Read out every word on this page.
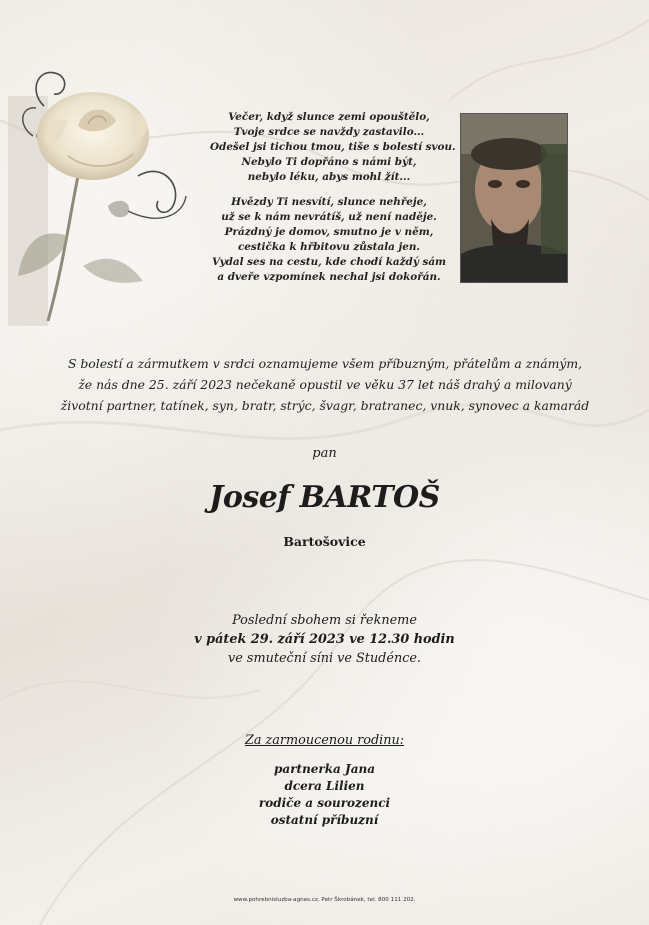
Večer, když slunce zemi opouštělo,
Tvoje srdce se navždy zastavilo...
Odešel jsi tichou tmou, tiše s bolestí svou.
Nebylo Ti dopřáno s námi být,
nebylo léku, abys mohl žít...
Hvězdy Ti nesvítí, slunce nehřeje,
už se k nám nevrátíš, už není naděje.
Prázdný je domov, smutno je v něm,
cestička k hřbitovu zůstala jen.
Vydal ses na cestu, kde chodí každý sám
a dveře vzpomínek nechal jsi dokořán.
S bolestí a zármutkem v srdci oznamujeme všem příbuzným, přátelům a známým,
že nás dne 25. září 2023 nečekaně opustil ve věku 37 let náš drahý a milovaný
životní partner, tatínek, syn, bratr, strýc, švagr, bratranec, vnuk, synovec a kamarád
pan
Josef BARTOŠ
Bartošovice
Poslední sbohem si řekneme
v pátek 29. září 2023 ve 12.30 hodin
ve smuteční síni ve Studénce.
Za zarmoucenou rodinu:
partnerka Jana
dcera Lilien
rodiče a sourozenci
ostatní příbuzní
www.pohrebnisluzba-agnes.cz, Petr Škrobánek, tel. 800 111 202.
